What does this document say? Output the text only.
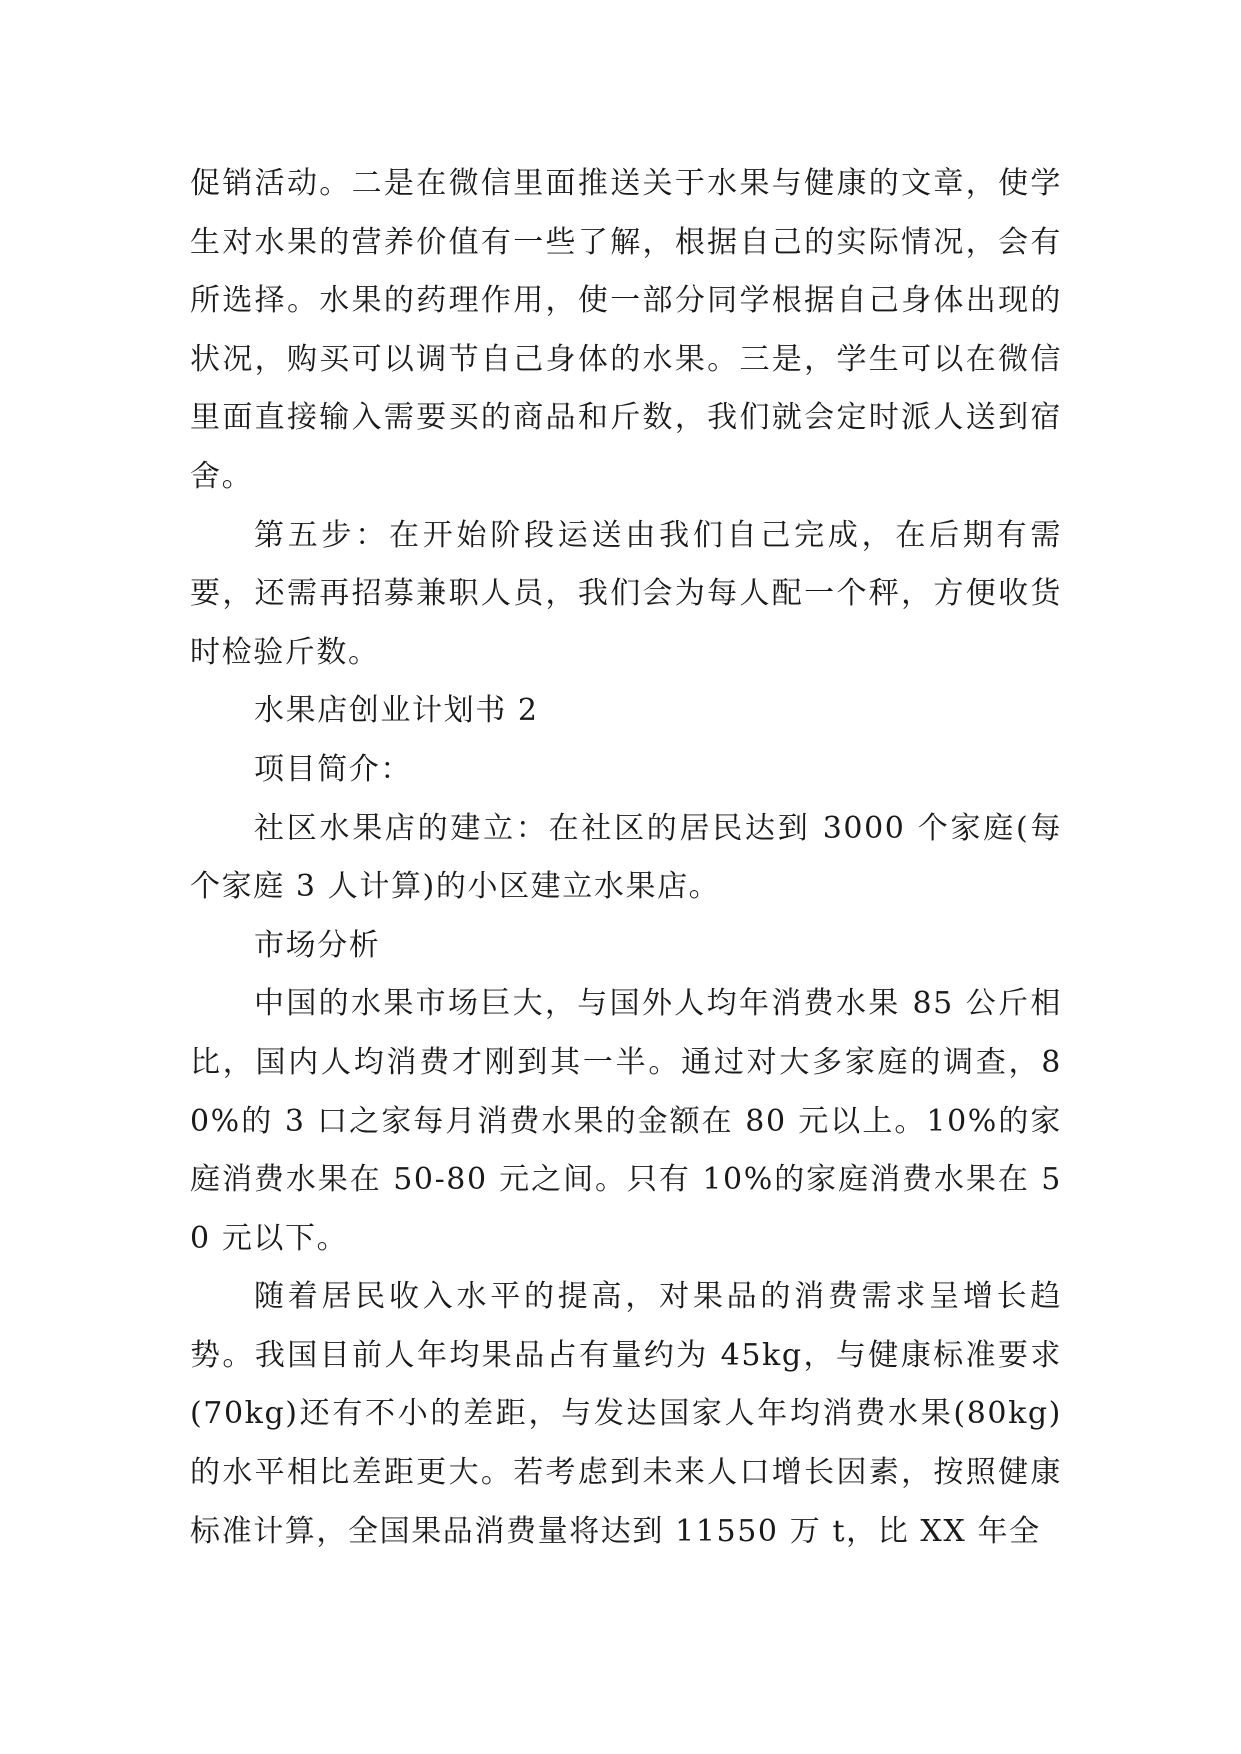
促销活动。二是在微信里面推送关于水果与健康的文章，使学生对水果的营养价值有一些了解，根据自己的实际情况，会有所选择。水果的药理作用，使一部分同学根据自己身体出现的状况，购买可以调节自己身体的水果。三是，学生可以在微信里面直接输入需要买的商品和斤数，我们就会定时派人送到宿舍。

第五步：在开始阶段运送由我们自己完成，在后期有需要，还需再招募兼职人员，我们会为每人配一个秤，方便收货时检验斤数。

水果店创业计划书 2

项目简介：

社区水果店的建立：在社区的居民达到 3000 个家庭(每个家庭 3 人计算)的小区建立水果店。

市场分析

中国的水果市场巨大，与国外人均年消费水果 85 公斤相比，国内人均消费才刚到其一半。通过对大多家庭的调查，80%的 3 口之家每月消费水果的金额在 80 元以上。10%的家庭消费水果在 50-80 元之间。只有 10%的家庭消费水果在 50 元以下。

随着居民收入水平的提高，对果品的消费需求呈增长趋势。我国目前人年均果品占有量约为 45kg，与健康标准要求(70kg)还有不小的差距，与发达国家人年均消费水果(80kg)的水平相比差距更大。若考虑到未来人口增长因素，按照健康标准计算，全国果品消费量将达到 11550 万 t，比 XX 年全
